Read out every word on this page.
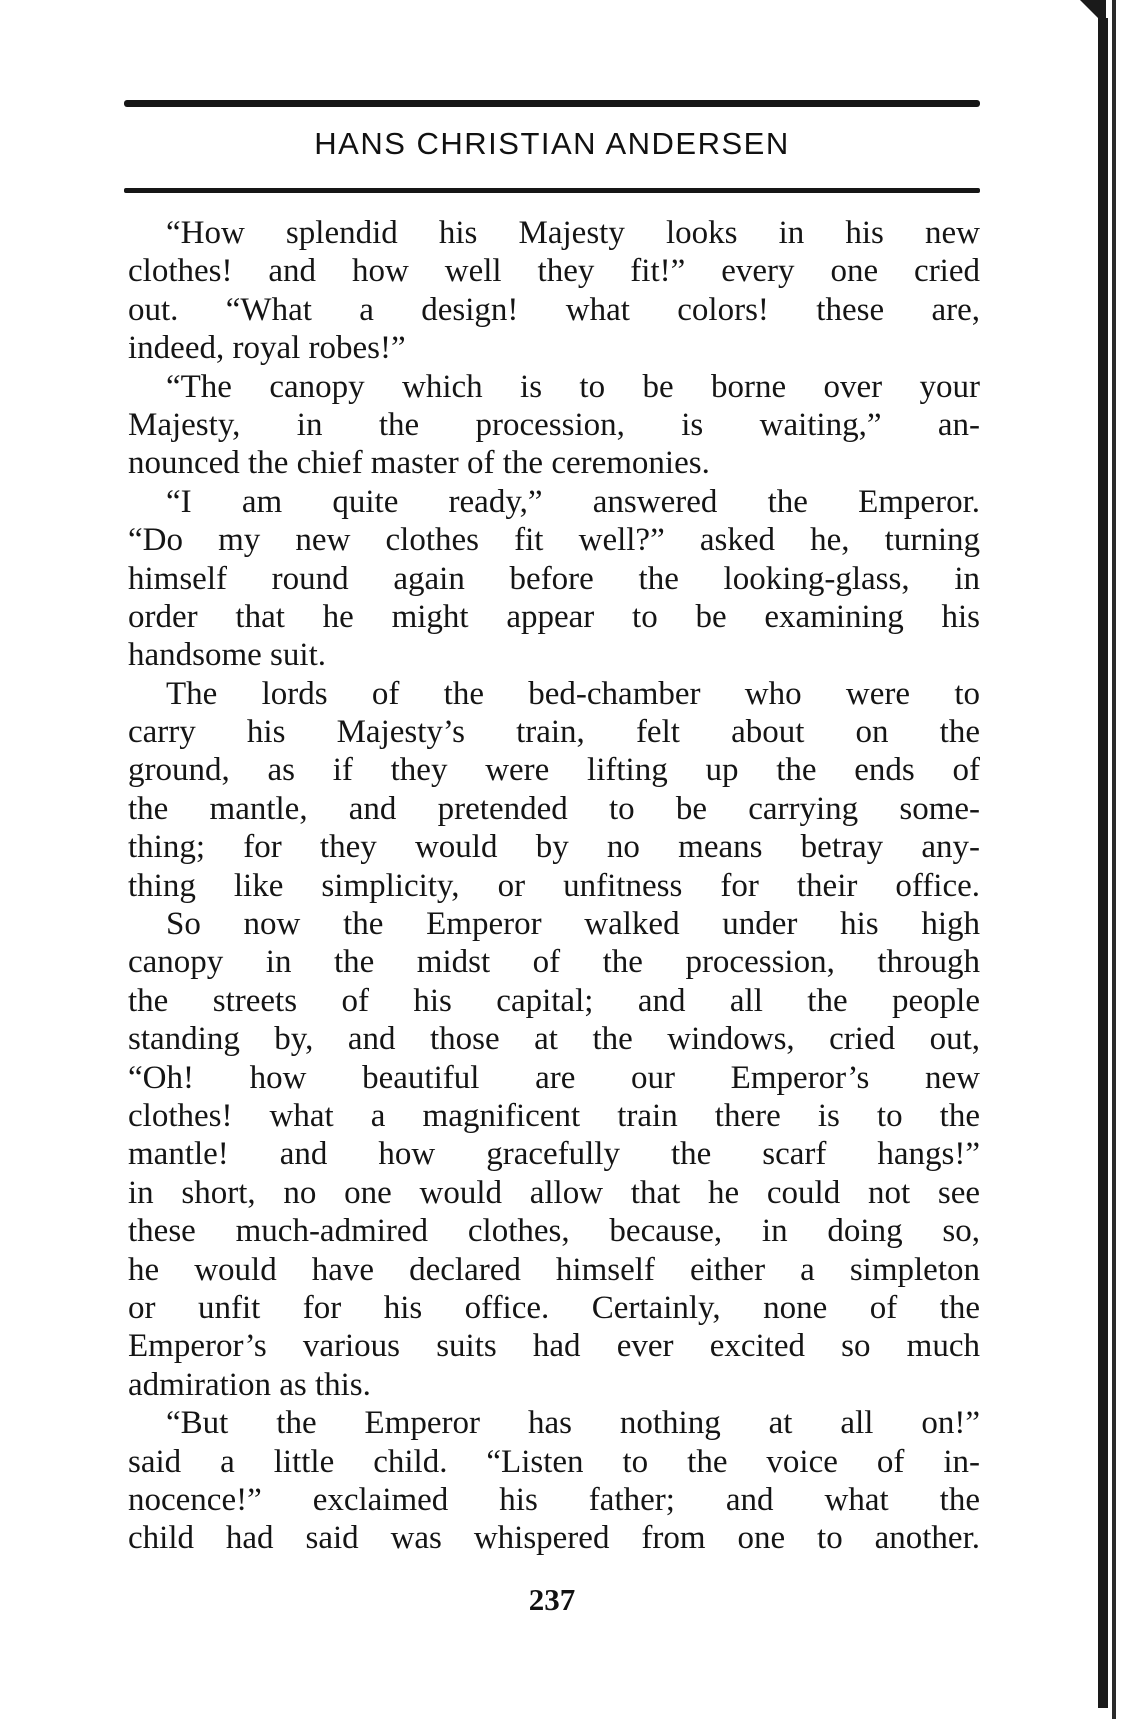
HANS CHRISTIAN ANDERSEN
“How splendid his Majesty looks in his new
clothes! and how well they fit!” every one cried
out. “What a design! what colors! these are,
indeed, royal robes!”
“The canopy which is to be borne over your
Majesty, in the procession, is waiting,” an-
nounced the chief master of the ceremonies.
“I am quite ready,” answered the Emperor.
“Do my new clothes fit well?” asked he, turning
himself round again before the looking-glass, in
order that he might appear to be examining his
handsome suit.
The lords of the bed-chamber who were to
carry his Majesty’s train, felt about on the
ground, as if they were lifting up the ends of
the mantle, and pretended to be carrying some-
thing; for they would by no means betray any-
thing like simplicity, or unfitness for their office.
So now the Emperor walked under his high
canopy in the midst of the procession, through
the streets of his capital; and all the people
standing by, and those at the windows, cried out,
“Oh! how beautiful are our Emperor’s new
clothes! what a magnificent train there is to the
mantle! and how gracefully the scarf hangs!”
in short, no one would allow that he could not see
these much-admired clothes, because, in doing so,
he would have declared himself either a simpleton
or unfit for his office. Certainly, none of the
Emperor’s various suits had ever excited so much
admiration as this.
“But the Emperor has nothing at all on!”
said a little child. “Listen to the voice of in-
nocence!” exclaimed his father; and what the
child had said was whispered from one to another.
237
